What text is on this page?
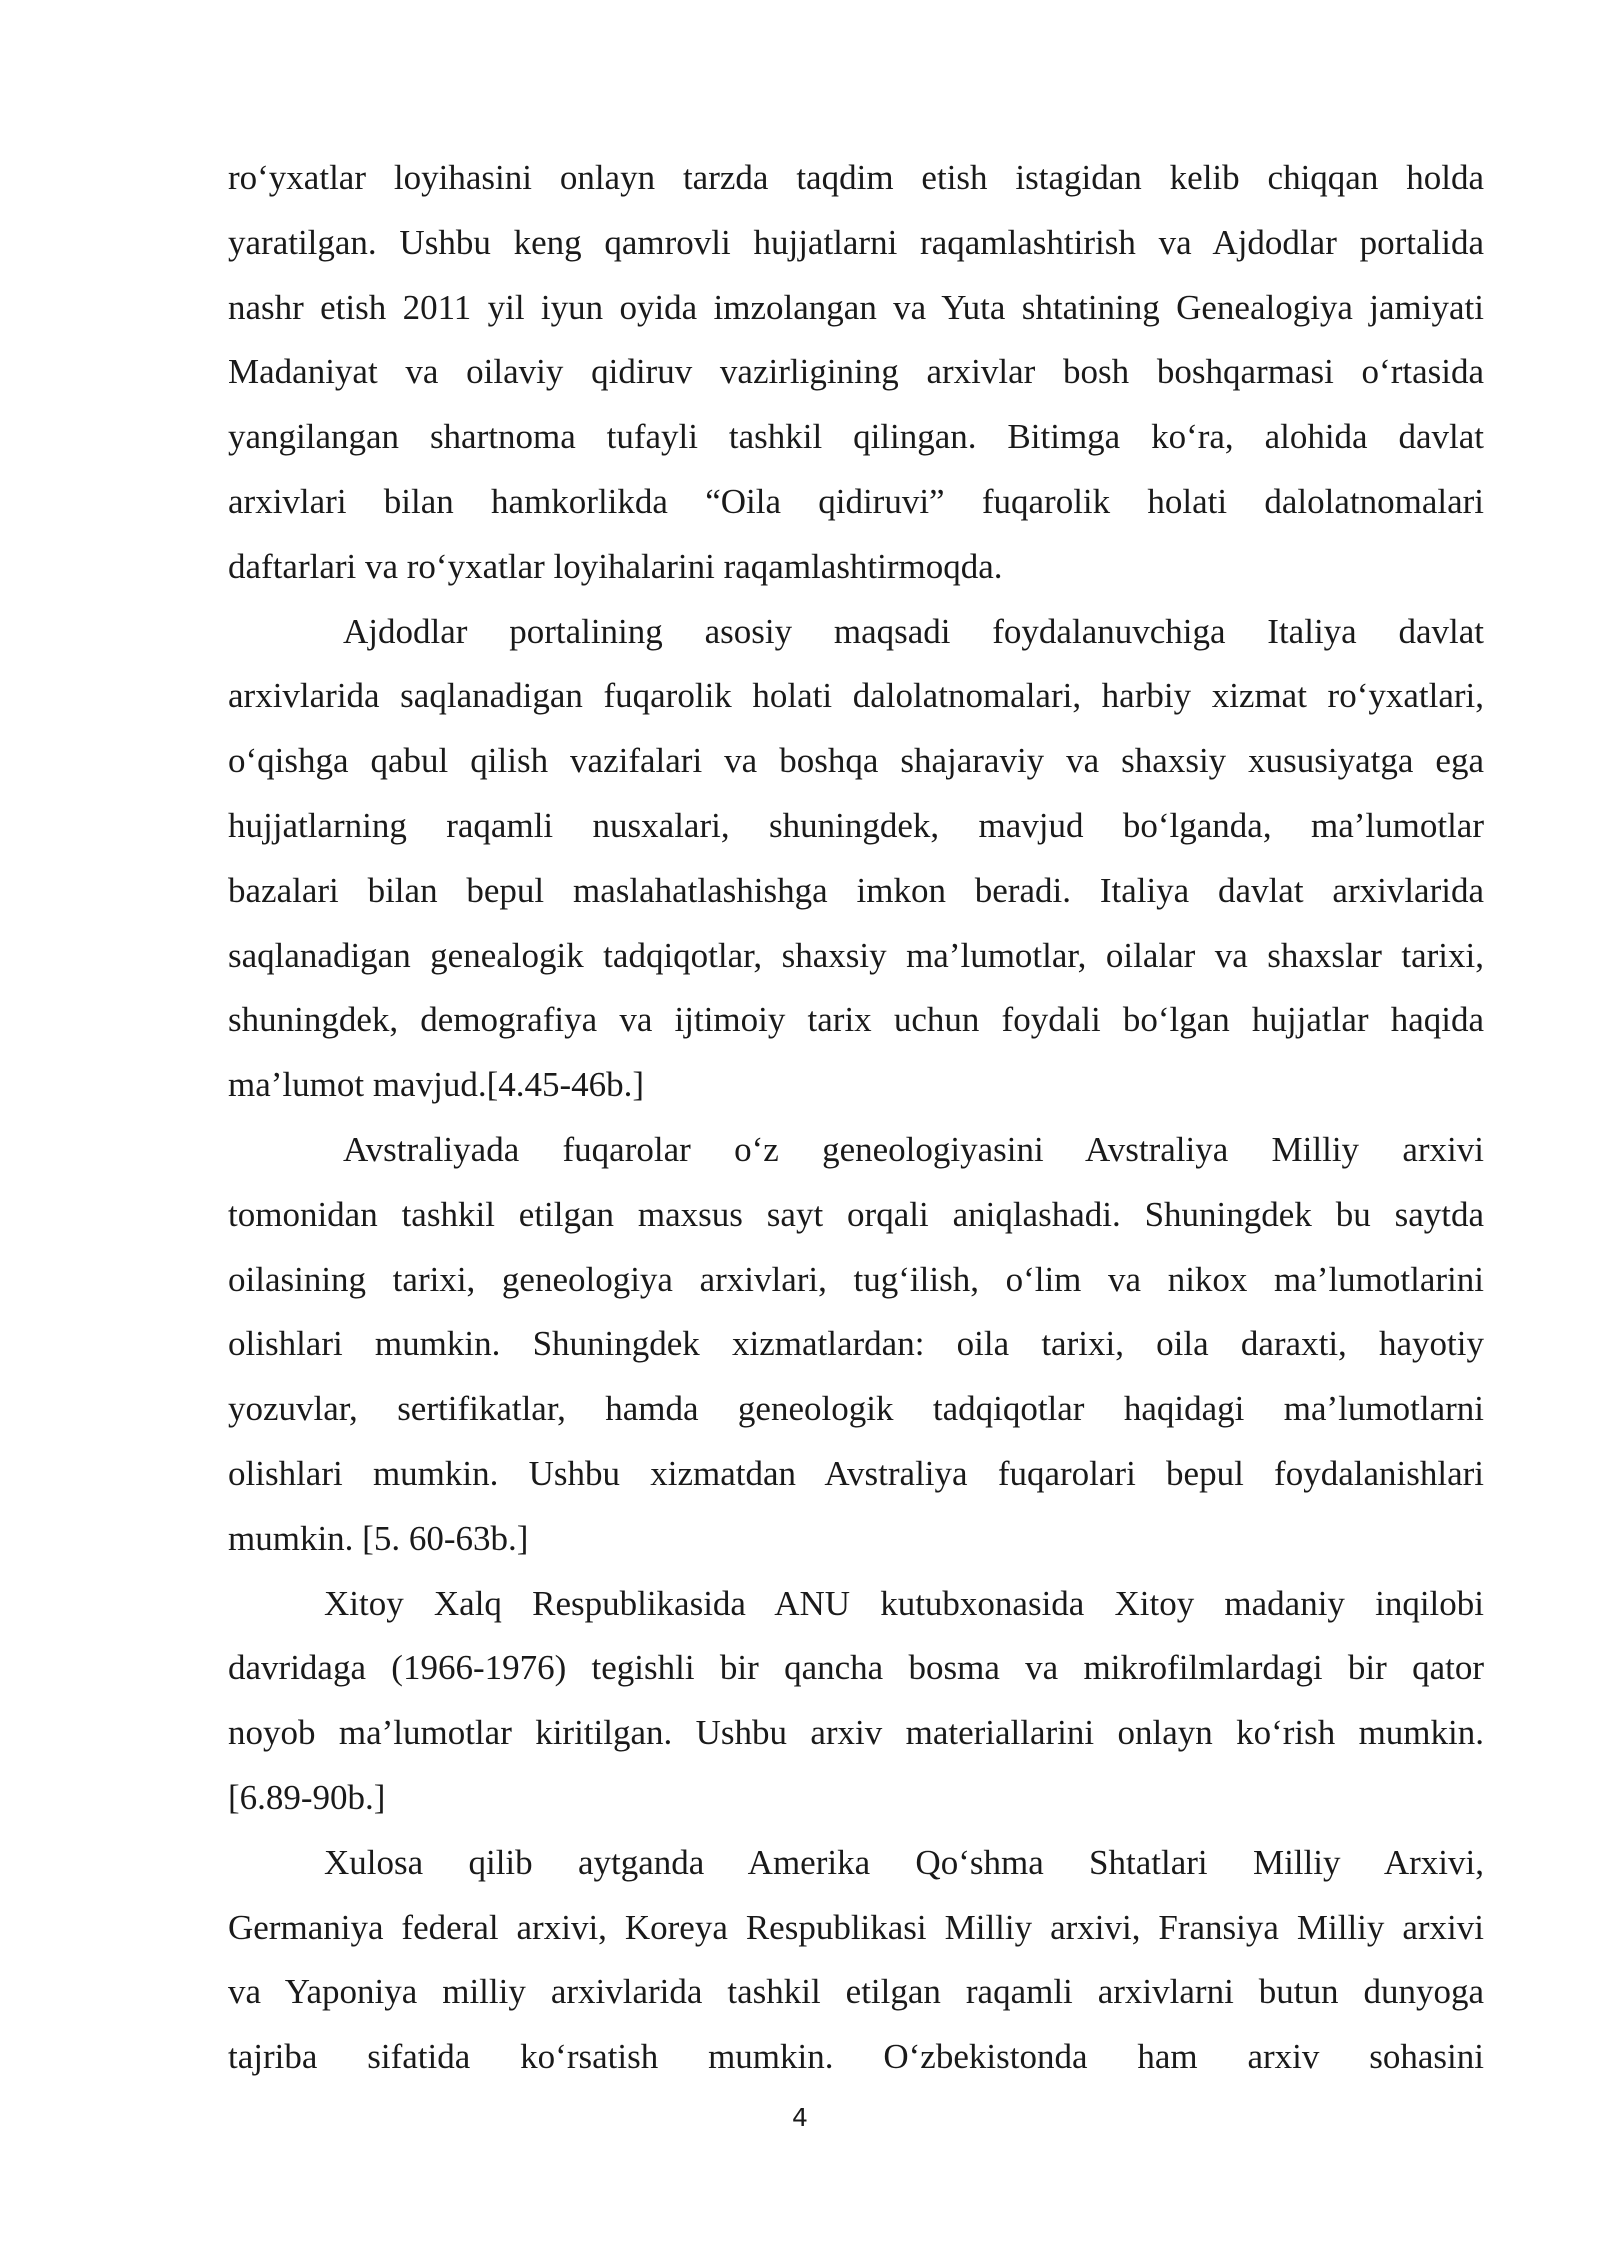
ro‘yxatlar loyihasini onlayn tarzda taqdim etish istagidan kelib chiqqan holda
yaratilgan. Ushbu keng qamrovli hujjatlarni raqamlashtirish va Ajdodlar portalida
nashr etish 2011 yil iyun oyida imzolangan va Yuta shtatining Genealogiya jamiyati
Madaniyat va oilaviy qidiruv vazirligining arxivlar bosh boshqarmasi o‘rtasida
yangilangan shartnoma tufayli tashkil qilingan. Bitimga ko‘ra, alohida davlat
arxivlari bilan hamkorlikda “Oila qidiruvi” fuqarolik holati dalolatnomalari
daftarlari va ro‘yxatlar loyihalarini raqamlashtirmoqda.
Ajdodlar portalining asosiy maqsadi foydalanuvchiga Italiya davlat
arxivlarida saqlanadigan fuqarolik holati dalolatnomalari, harbiy xizmat ro‘yxatlari,
o‘qishga qabul qilish vazifalari va boshqa shajaraviy va shaxsiy xususiyatga ega
hujjatlarning raqamli nusxalari, shuningdek, mavjud bo‘lganda, ma’lumotlar
bazalari bilan bepul maslahatlashishga imkon beradi. Italiya davlat arxivlarida
saqlanadigan genealogik tadqiqotlar, shaxsiy ma’lumotlar, oilalar va shaxslar tarixi,
shuningdek, demografiya va ijtimoiy tarix uchun foydali bo‘lgan hujjatlar haqida
ma’lumot mavjud.[4.45-46b.]
Avstraliyada fuqarolar o‘z geneologiyasini Avstraliya Milliy arxivi
tomonidan tashkil etilgan maxsus sayt orqali aniqlashadi. Shuningdek bu saytda
oilasining tarixi, geneologiya arxivlari, tug‘ilish, o‘lim va nikox ma’lumotlarini
olishlari mumkin. Shuningdek xizmatlardan: oila tarixi, oila daraxti, hayotiy
yozuvlar, sertifikatlar, hamda geneologik tadqiqotlar haqidagi ma’lumotlarni
olishlari mumkin. Ushbu xizmatdan Avstraliya fuqarolari bepul foydalanishlari
mumkin. [5. 60-63b.]
Xitoy Xalq Respublikasida ANU kutubxonasida Xitoy madaniy inqilobi
davridaga (1966-1976) tegishli bir qancha bosma va mikrofilmlardagi bir qator
noyob ma’lumotlar kiritilgan. Ushbu arxiv materiallarini onlayn ko‘rish mumkin.
[6.89-90b.]
Xulosa qilib aytganda Amerika Qo‘shma Shtatlari Milliy Arxivi,
Germaniya federal arxivi, Koreya Respublikasi Milliy arxivi, Fransiya Milliy arxivi
va Yaponiya milliy arxivlarida tashkil etilgan raqamli arxivlarni butun dunyoga
tajriba sifatida ko‘rsatish mumkin. O‘zbekistonda ham arxiv sohasini
4
